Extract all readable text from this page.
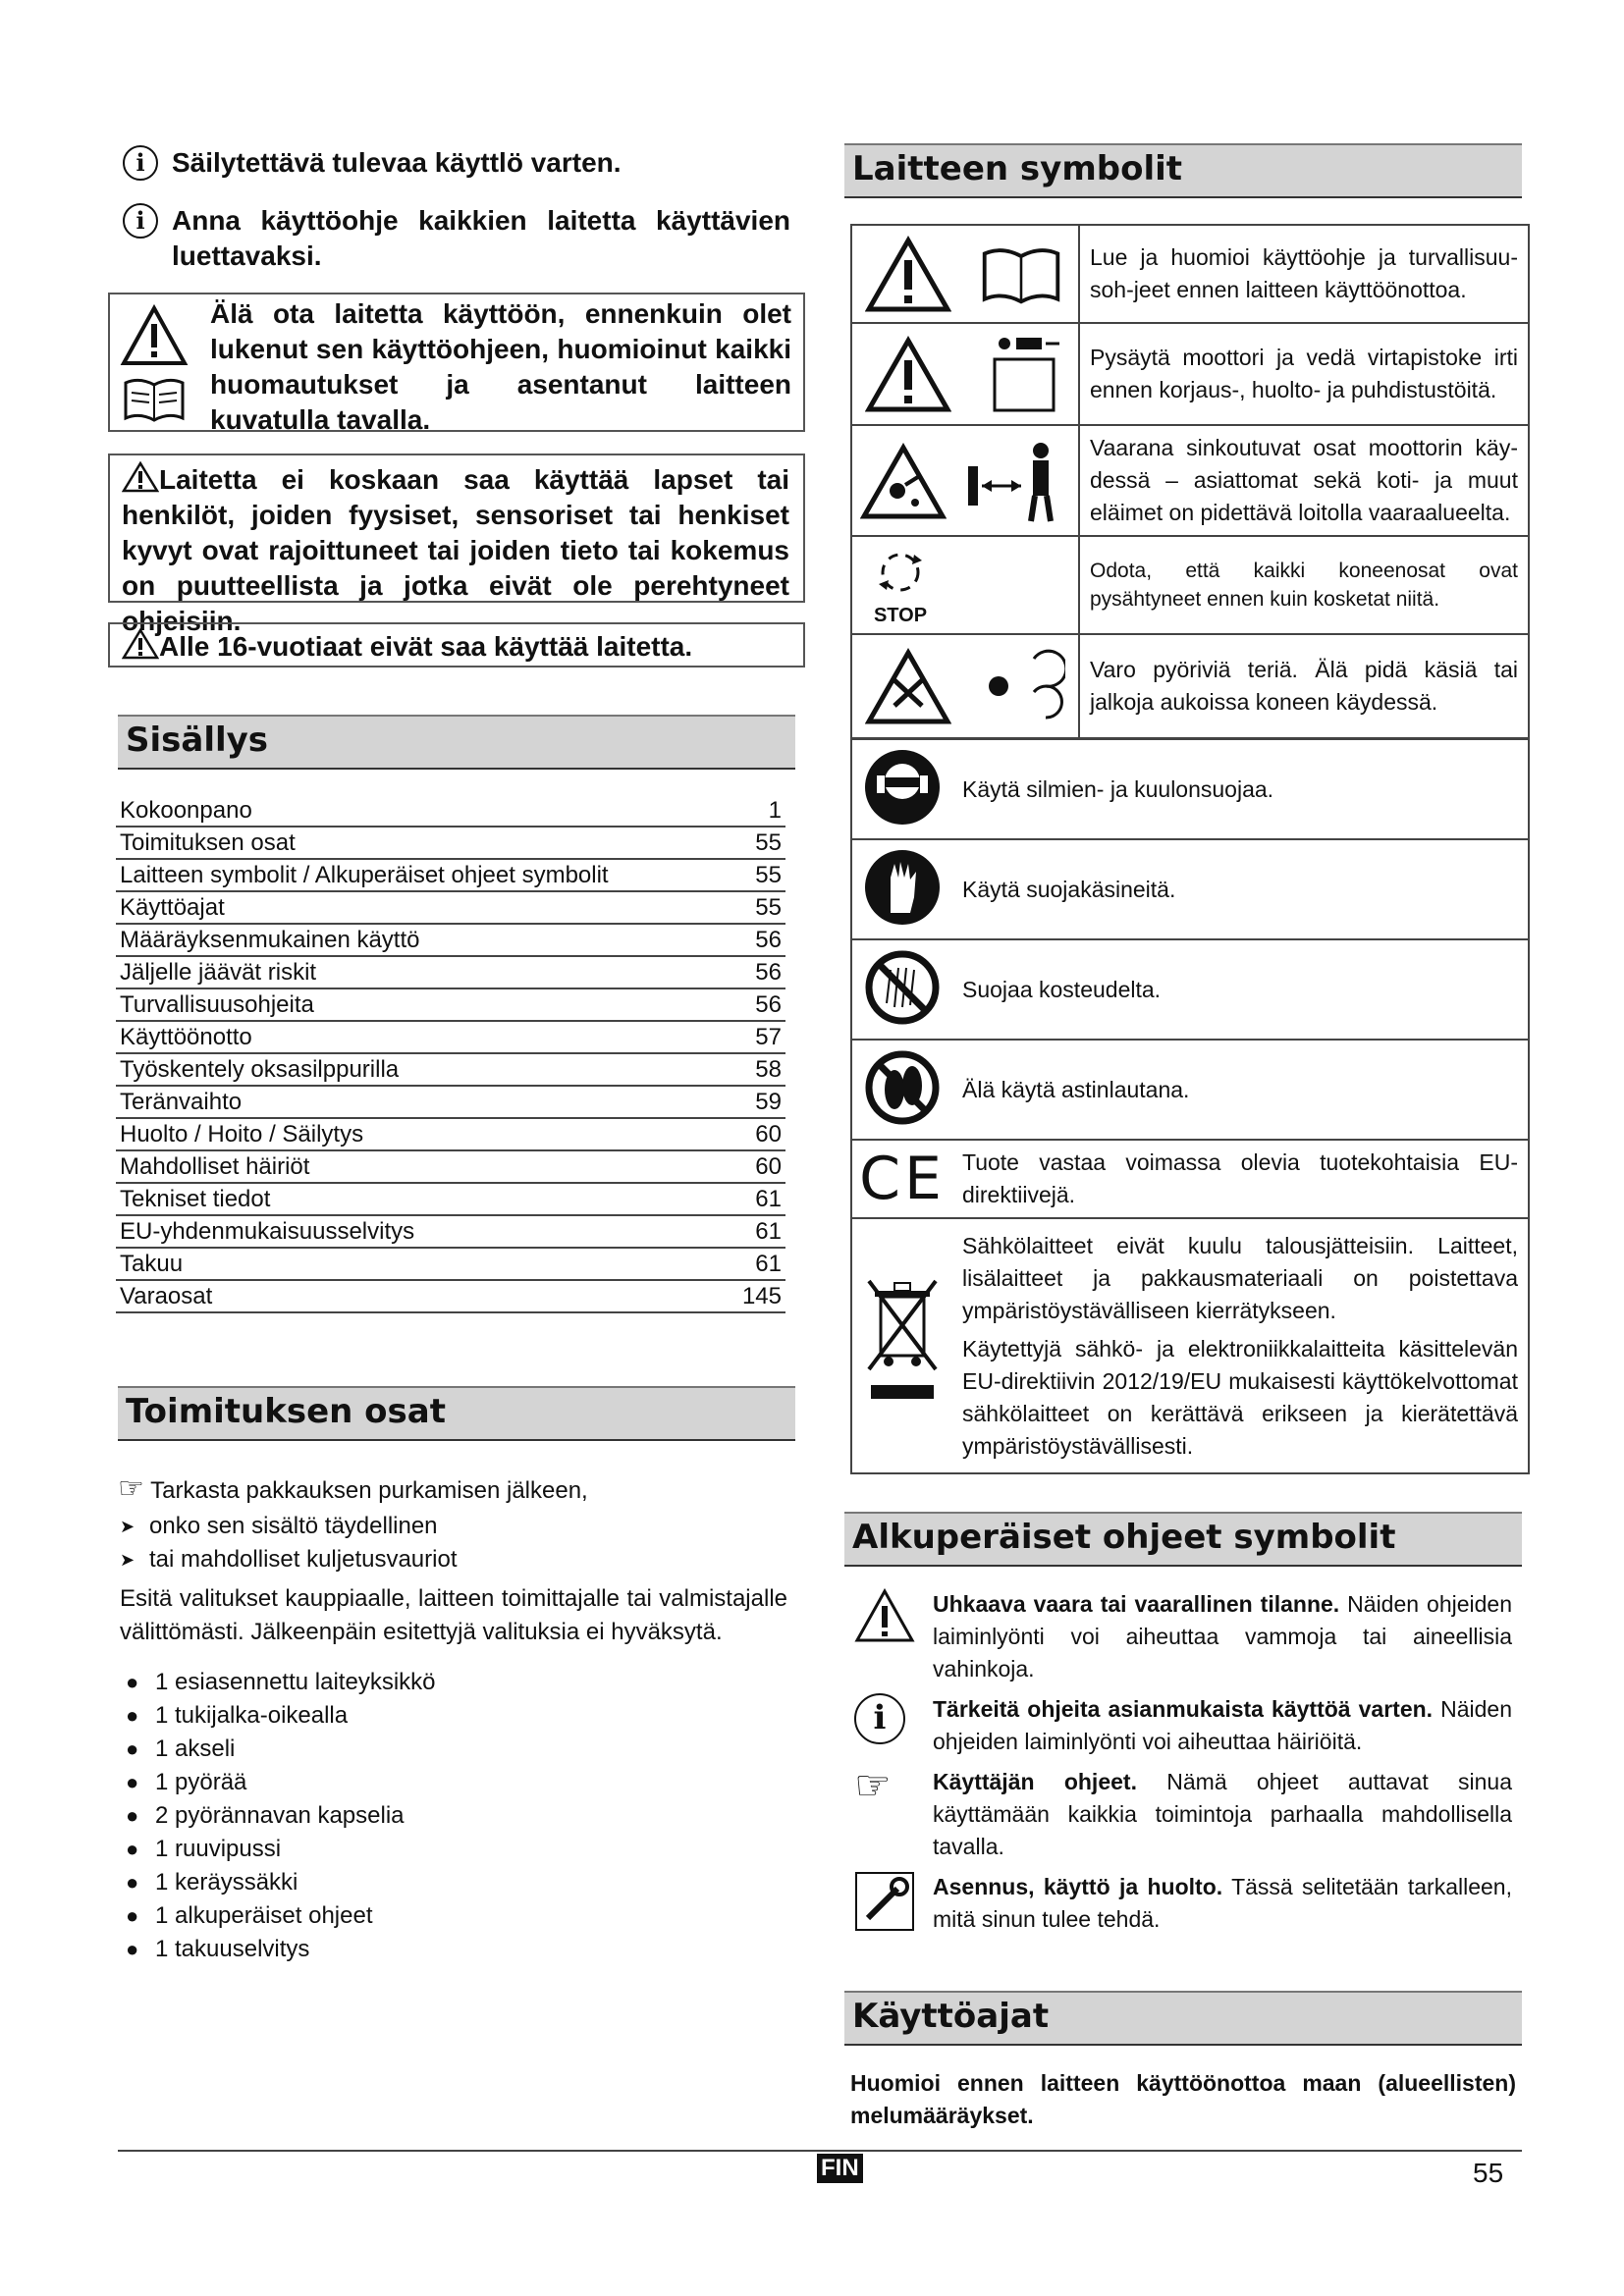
i Säilytettävä tulevaa käyttlö varten.
i Anna käyttöohje kaikkien laitetta käyttävien luettavaksi.
Älä ota laitetta käyttöön, ennenkuin olet lukenut sen käyttöohjeen, huomioinut kaikki huomautukset ja asentanut laitteen kuvatulla tavalla.
Laitetta ei koskaan saa käyttää lapset tai henkilöt, joiden fyysiset, sensoriset tai henkiset kyvyt ovat rajoittuneet tai joiden tieto tai kokemus on puutteellista ja jotka eivät ole perehtyneet ohjeisiin.
Alle 16-vuotiaat eivät saa käyttää laitetta.
Sisällys
Kokoonpano	1
Toimituksen osat	55
Laitteen symbolit / Alkuperäiset ohjeet symbolit	55
Käyttöajat	55
Määräyksenmukainen käyttö	56
Jäljelle jäävät riskit	56
Turvallisuusohjeita	56
Käyttöönotto	57
Työskentely oksasilppurilla	58
Teränvaihto	59
Huolto / Hoito / Säilytys	60
Mahdolliset häiriöt	60
Tekniset tiedot	61
EU-yhdenmukaisuusselvitys	61
Takuu	61
Varaosat	145
Toimituksen osat
☞ Tarkasta pakkauksen purkamisen jälkeen,
➤ onko sen sisältö täydellinen
➤ tai mahdolliset kuljetusvauriot
Esitä valitukset kauppiaalle, laitteen toimittajalle tai valmistajalle välittömästi. Jälkeenpäin esitettyjä valituksia ei hyväksytä.
● 1 esiasennettu laiteyksikkö
● 1 tukijalka-oikealla
● 1 akseli
● 1 pyörää
● 2 pyörännavan kapselia
● 1 ruuvipussi
● 1 keräyssäkki
● 1 alkuperäiset ohjeet
● 1 takuuselvitys
Laitteen symbolit
	Lue ja huomioi käyttöohje ja turvallisuu-soh-jeet ennen laitteen käyttöönottoa.

	Pysäytä moottori ja vedä virtapistoke irti ennen korjaus-, huolto- ja puhdistustöitä.

	Vaarana sinkoutuvat osat moottorin käy-dessä – asiattomat sekä koti- ja muut eläimet on pidettävä loitolla vaaraalueelta.

STOP	Odota, että kaikki koneenosat ovat pysähtyneet ennen kuin kosketat niitä.

	Varo pyöriviä teriä. Älä pidä käsiä tai jalkoja aukoissa koneen käydessä.
	Käytä silmien- ja kuulonsuojaa.
	Käytä suojakäsineitä.
	Suojaa kosteudelta.
	Älä käytä astinlautana.
CE	Tuote vastaa voimassa olevia tuotekohtaisia EU-direktiivejä.

Sähkölaitteet eivät kuulu talousjätteisiin. Laitteet, lisälaitteet ja pakkausmateriaali on poistettava ympäristöystävälliseen kierrätykseen.
Käytettyjä sähkö- ja elektroniikkalaitteita käsittelevän EU-direktiivin 2012/19/EU mukaisesti käyttökelvottomat sähkölaitteet on kerättävä erikseen ja kierätettävä ympäristöystävällisesti.
Alkuperäiset ohjeet symbolit
Uhkaava vaara tai vaarallinen tilanne. Näiden ohjeiden laiminlyönti voi aiheuttaa vammoja tai aineellisia vahinkoja.
i	Tärkeitä ohjeita asianmukaista käyttöä varten. Näiden ohjeiden laiminlyönti voi aiheuttaa häiriöitä.
☞	Käyttäjän ohjeet. Nämä ohjeet auttavat sinua käyttämään kaikkia toimintoja parhaalla mahdollisella tavalla.
Asennus, käyttö ja huolto. Tässä selitetään tarkalleen, mitä sinun tulee tehdä.
Käyttöajat
Huomioi ennen laitteen käyttöönottoa maan (alueellisten) melumääräykset.
FIN	55
